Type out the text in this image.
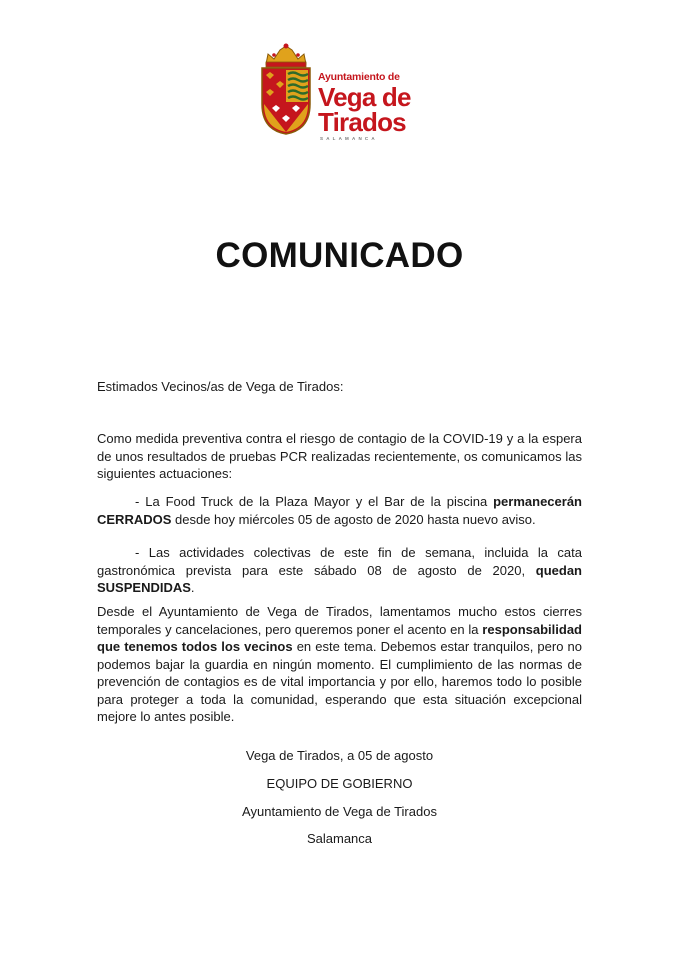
Ayuntamiento de
Vega de
Tirados
SALAMANCA
COMUNICADO
Estimados Vecinos/as de Vega de Tirados:
Como medida preventiva contra el riesgo de contagio de la COVID-19 y a la espera de unos resultados de pruebas PCR realizadas recientemente, os comunicamos las siguientes actuaciones:
- La Food Truck de la Plaza Mayor y el Bar de la piscina permanecerán CERRADOS desde hoy miércoles 05 de agosto de 2020 hasta nuevo aviso.
- Las actividades colectivas de este fin de semana, incluida la cata gastronómica prevista para este sábado 08 de agosto de 2020, quedan SUSPENDIDAS.
Desde el Ayuntamiento de Vega de Tirados, lamentamos mucho estos cierres temporales y cancelaciones, pero queremos poner el acento en la responsabilidad que tenemos todos los vecinos en este tema. Debemos estar tranquilos, pero no podemos bajar la guardia en ningún momento. El cumplimiento de las normas de prevención de contagios es de vital importancia y por ello, haremos todo lo posible para proteger a toda la comunidad, esperando que esta situación excepcional mejore lo antes posible.
Vega de Tirados, a 05 de agosto
EQUIPO DE GOBIERNO
Ayuntamiento de Vega de Tirados
Salamanca
